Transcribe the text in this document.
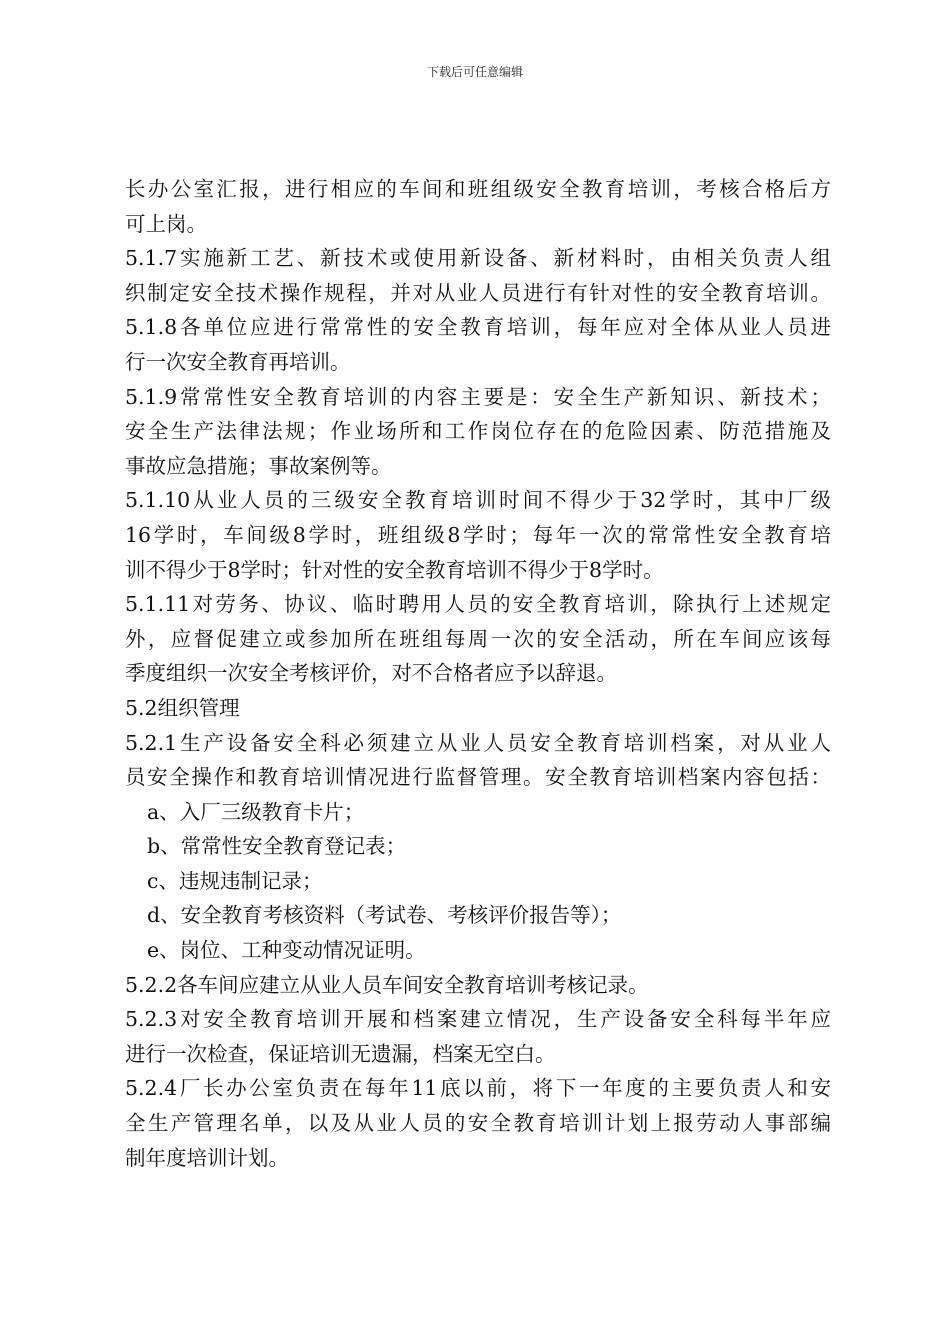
下载后可任意编辑
长办公室汇报，进行相应的车间和班组级安全教育培训，考核合格后方
可上岗。
5.1.7实施新工艺、新技术或使用新设备、新材料时，由相关负责人组
织制定安全技术操作规程，并对从业人员进行有针对性的安全教育培训。
5.1.8各单位应进行常常性的安全教育培训，每年应对全体从业人员进
行一次安全教育再培训。
5.1.9常常性安全教育培训的内容主要是：安全生产新知识、新技术；
安全生产法律法规；作业场所和工作岗位存在的危险因素、防范措施及
事故应急措施；事故案例等。
5.1.10从业人员的三级安全教育培训时间不得少于32学时，其中厂级
16学时，车间级8学时，班组级8学时；每年一次的常常性安全教育培
训不得少于8学时；针对性的安全教育培训不得少于8学时。
5.1.11对劳务、协议、临时聘用人员的安全教育培训，除执行上述规定
外，应督促建立或参加所在班组每周一次的安全活动，所在车间应该每
季度组织一次安全考核评价，对不合格者应予以辞退。
5.2组织管理
5.2.1生产设备安全科必须建立从业人员安全教育培训档案，对从业人
员安全操作和教育培训情况进行监督管理。安全教育培训档案内容包括：
a、入厂三级教育卡片；
b、常常性安全教育登记表；
c、违规违制记录；
d、安全教育考核资料（考试卷、考核评价报告等）；
e、岗位、工种变动情况证明。
5.2.2各车间应建立从业人员车间安全教育培训考核记录。
5.2.3对安全教育培训开展和档案建立情况，生产设备安全科每半年应
进行一次检查，保证培训无遗漏，档案无空白。
5.2.4厂长办公室负责在每年11底以前，将下一年度的主要负责人和安
全生产管理名单，以及从业人员的安全教育培训计划上报劳动人事部编
制年度培训计划。
